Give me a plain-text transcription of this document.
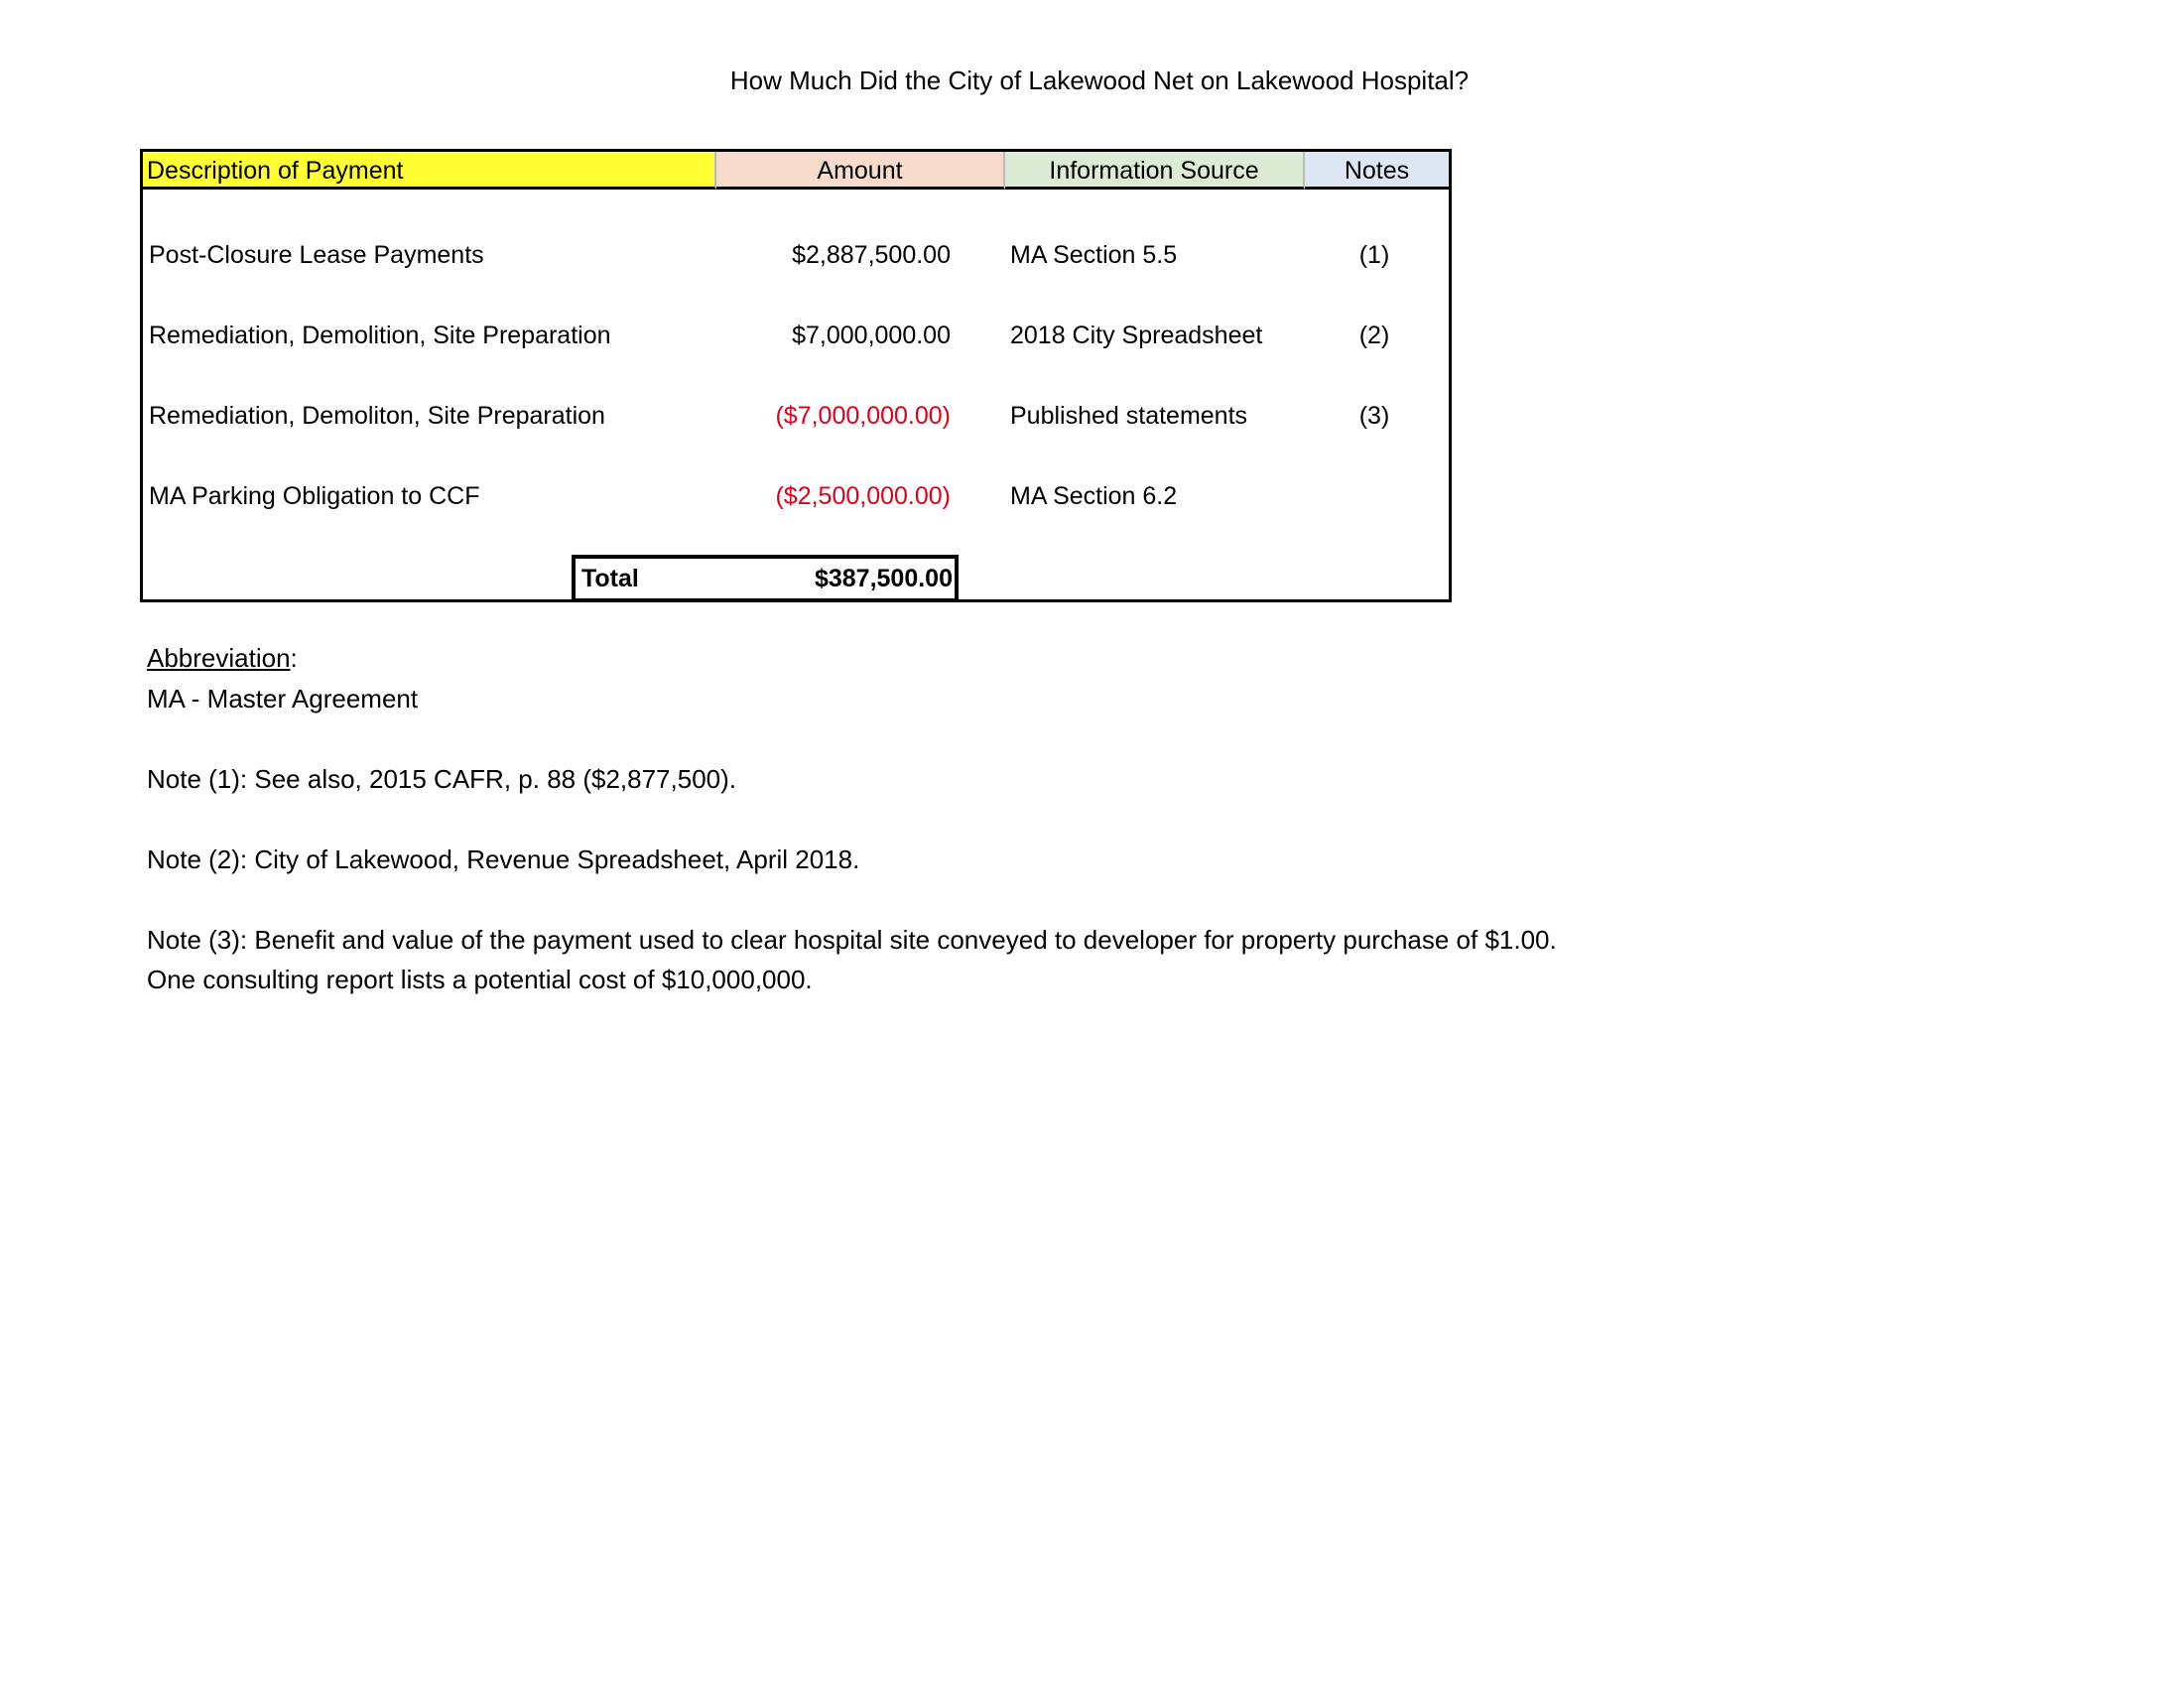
How Much Did the City of Lakewood Net on Lakewood Hospital?
Description of Payment	Amount	Information Source	Notes
Post-Closure Lease Payments	$2,887,500.00 MA Section 5.5	(1)
Remediation, Demolition, Site Preparation	$7,000,000.00 2018 City Spreadsheet	(2)
Remediation, Demoliton, Site Preparation	($7,000,000.00) Published statements	(3)
MA Parking Obligation to CCF	($2,500,000.00) MA Section 6.2
Total	$387,500.00
Abbreviation:
MA - Master Agreement
Note (1): See also, 2015 CAFR, p. 88 ($2,877,500).
Note (2): City of Lakewood, Revenue Spreadsheet, April 2018.
Note (3): Benefit and value of the payment used to clear hospital site conveyed to developer for property purchase of $1.00.
One consulting report lists a potential cost of $10,000,000.
